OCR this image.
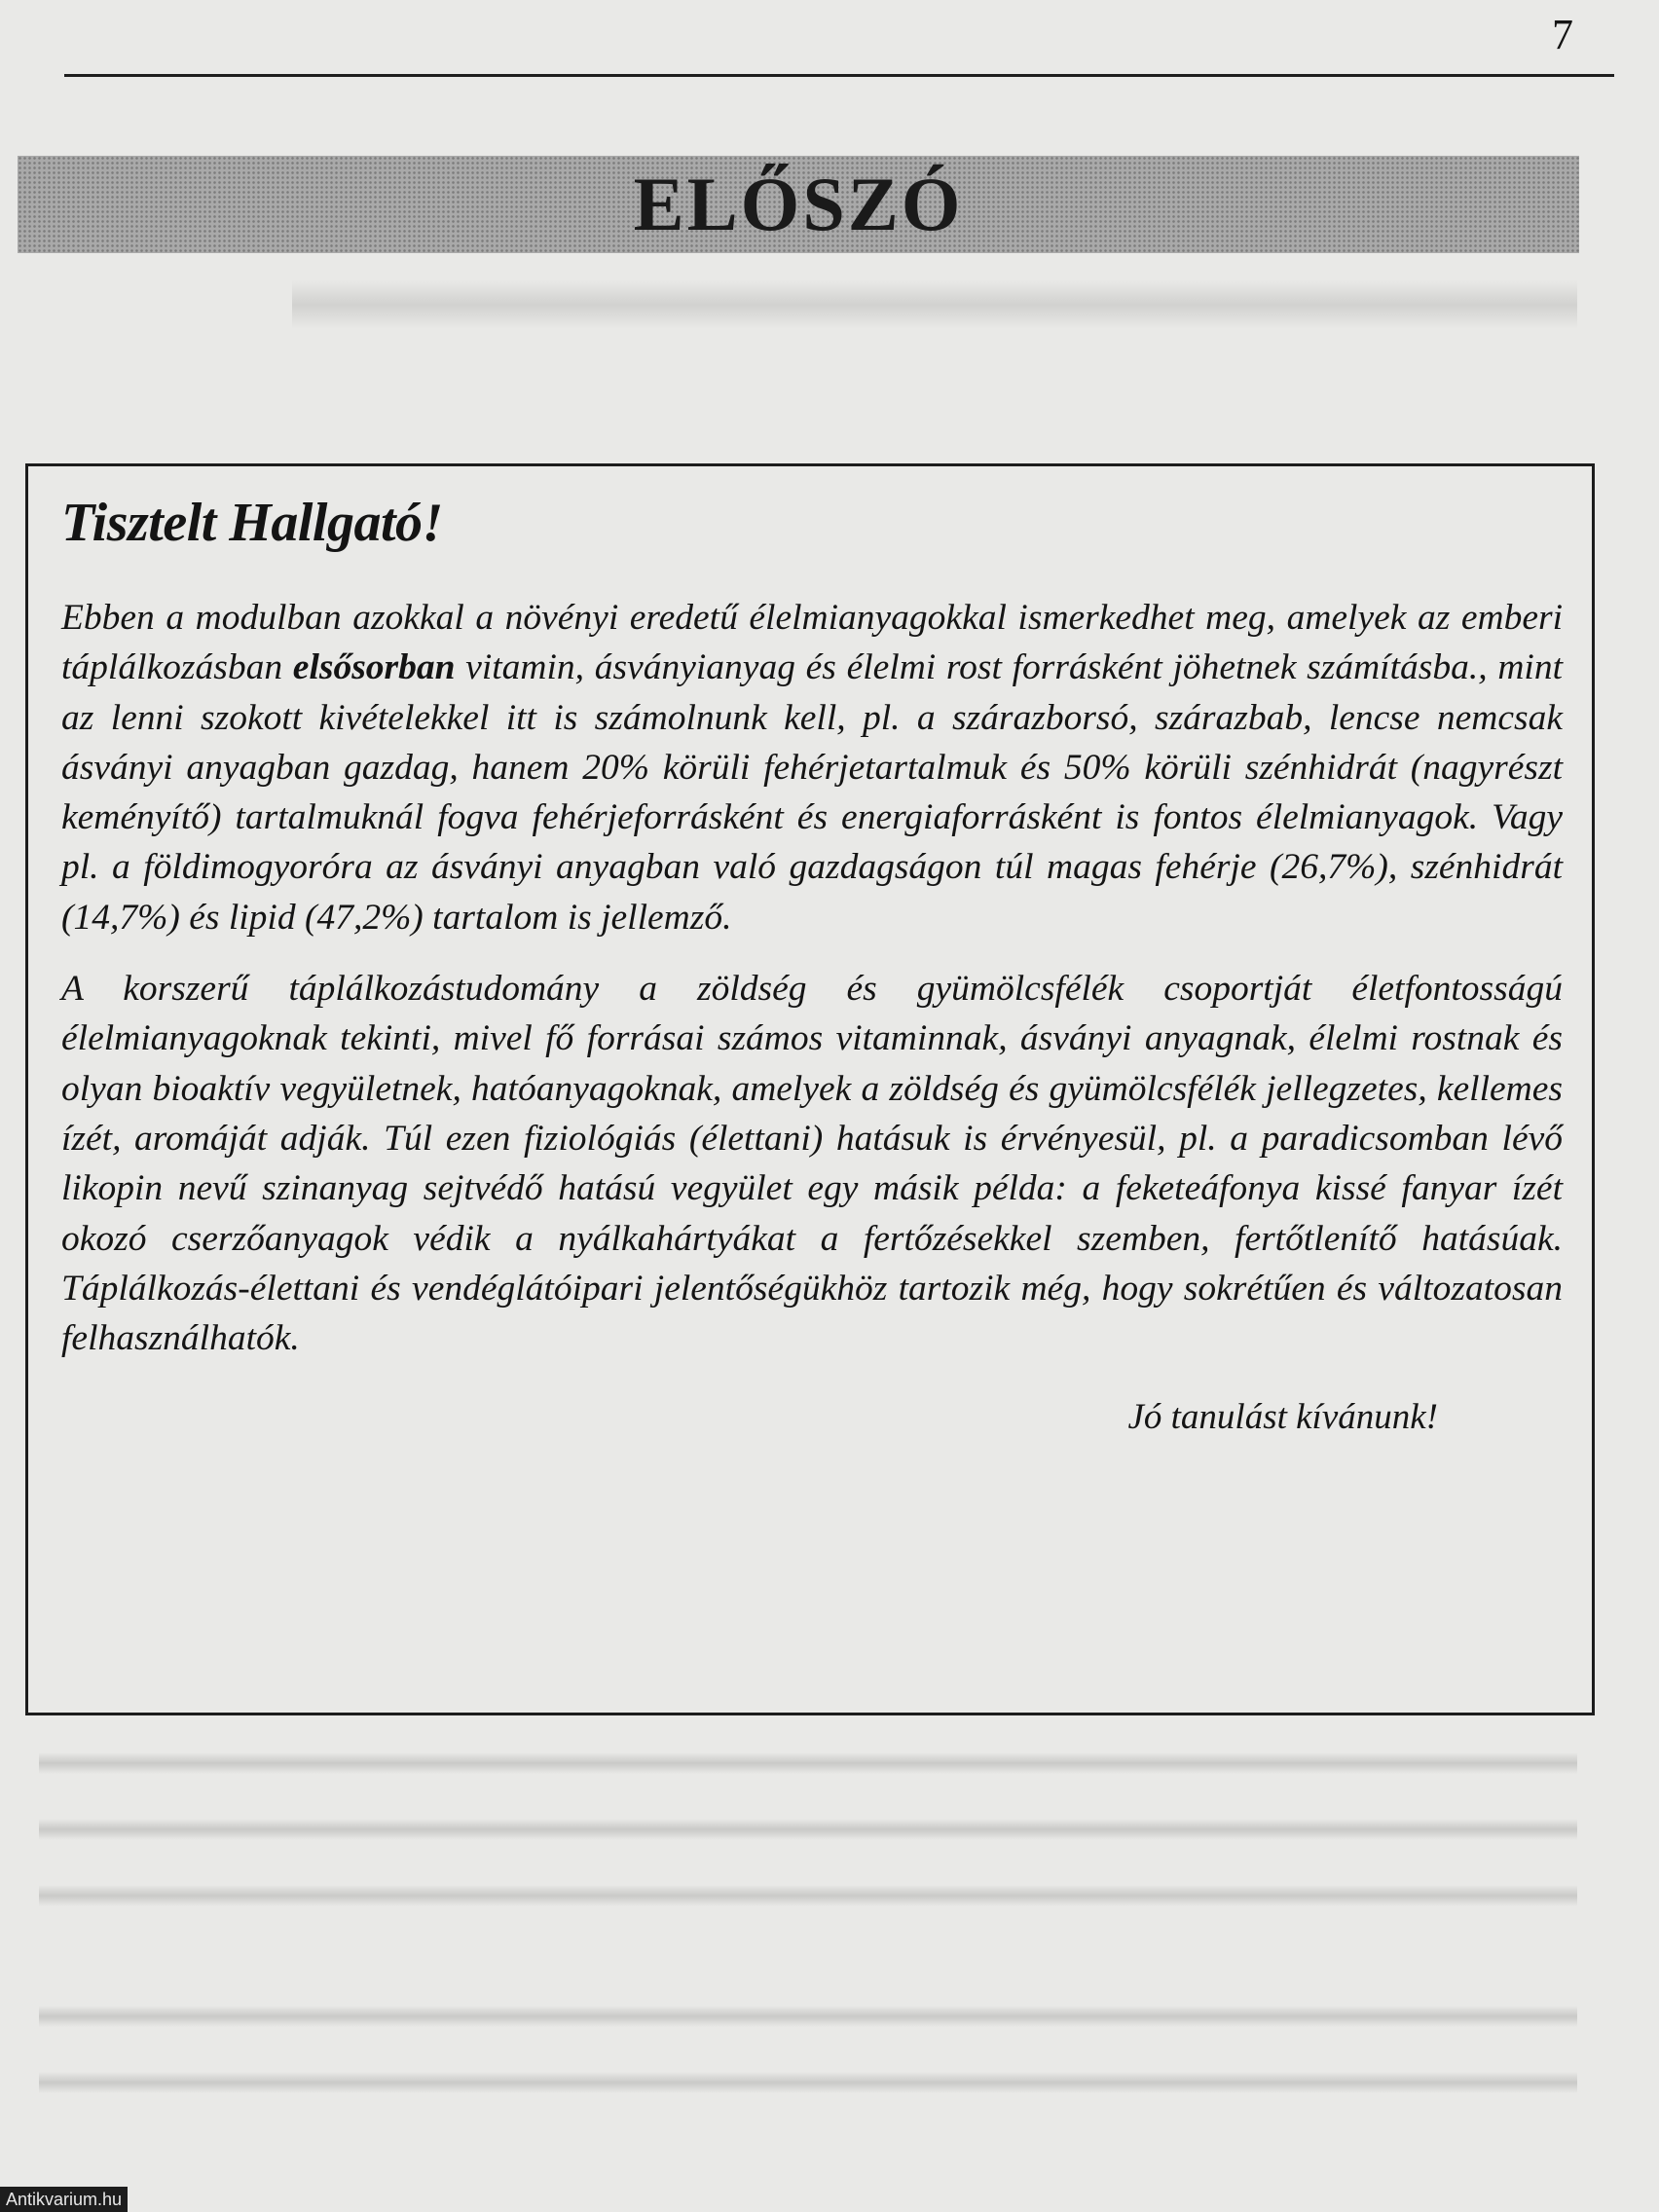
7
ELŐSZÓ
Tisztelt Hallgató!

Ebben a modulban azokkal a növényi eredetű élelmianyagokkal ismerkedhet meg, amelyek az emberi táplálkozásban elsősorban vitamin, ásványianyag és élelmi rost forrásként jöhetnek számításba., mint az lenni szokott kivételekkel itt is számolnunk kell, pl. a szárazborsó, szárazbab, lencse nemcsak ásványi anyagban gazdag, hanem 20% körüli fehérjetartalmuk és 50% körüli szénhidrát (nagyrészt keményítő) tartalmuknál fogva fehérjeforrásként és energiaforrásként is fontos élelmianyagok. Vagy pl. a földimogyoróra az ásványi anyagban való gazdagságon túl magas fehérje (26,7%), szénhidrát (14,7%) és lipid (47,2%) tartalom is jellemző.

A korszerű táplálkozástudomány a zöldség és gyümölcsfélék csoportját életfontosságú élelmianyagoknak tekinti, mivel fő forrásai számos vitaminnak, ásványi anyagnak, élelmi rostnak és olyan bioaktív vegyületnek, hatóanyagoknak, amelyek a zöldség és gyümölcsfélék jellegzetes, kellemes ízét, aromáját adják. Túl ezen fiziológiás (élettani) hatásuk is érvényesül, pl. a paradicsomban lévő likopin nevű szinanyag sejtvédő hatású vegyület egy másik példa: a feketeáfonya kissé fanyar ízét okozó cserzőanyagok védik a nyálkahártyákat a fertőzésekkel szemben, fertőtlenítő hatásúak. Táplálkozás-élettani és vendéglátóipari jelentőségükhöz tartozik még, hogy sokrétűen és változatosan felhasználhatók.

Jó tanulást kívánunk!
Antikvarium.hu
